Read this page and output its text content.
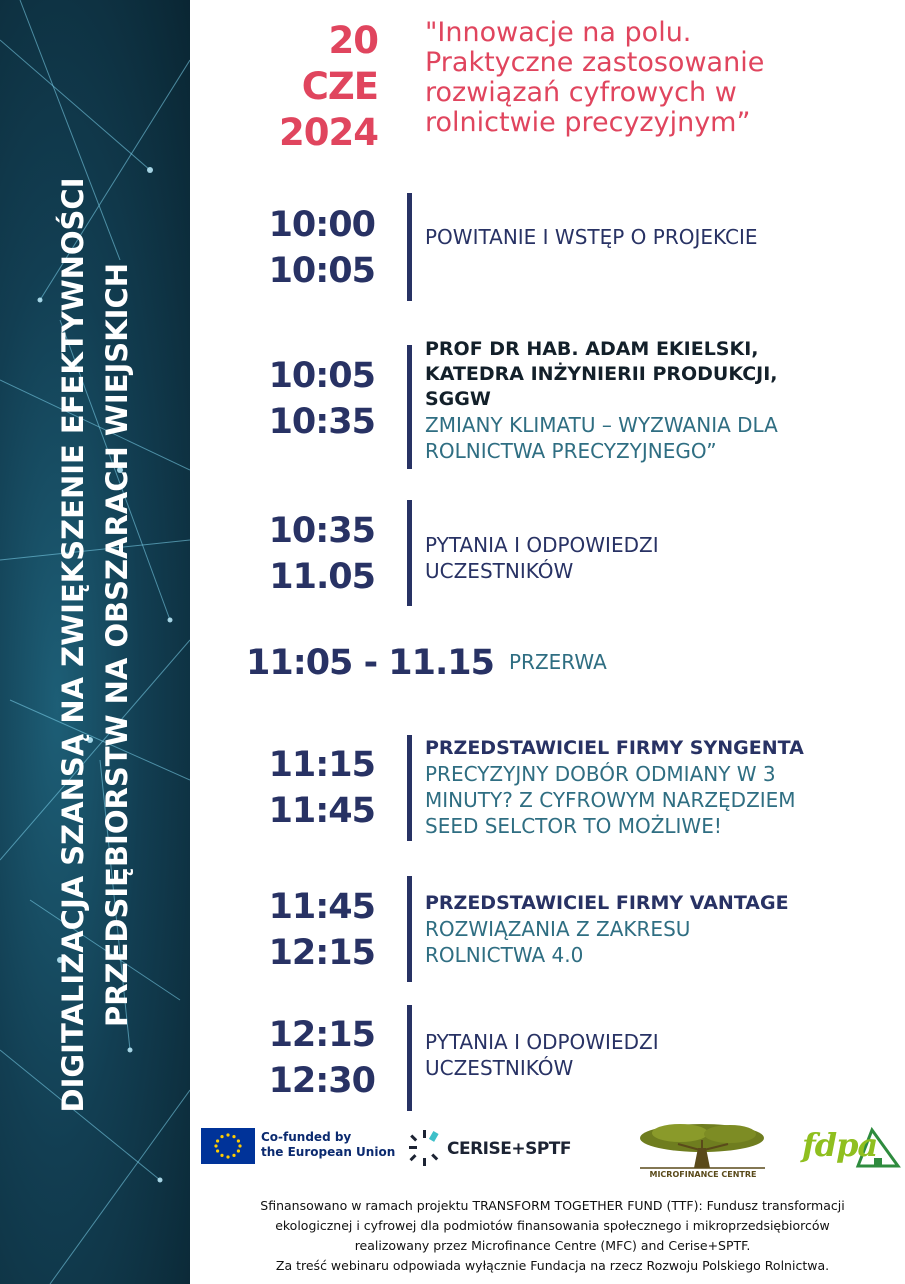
DIGITALIZACJA SZANSĄ NA ZWIĘKSZENIE EFEKTYWNOŚCI PRZEDSIĘBIORSTW NA OBSZARACH WIEJSKICH
20
CZE
2024
"Innowacje na polu.
Praktyczne zastosowanie
rozwiązań cyfrowych w
rolnictwie precyzyjnym”
10:00
10:05
POWITANIE I WSTĘP O PROJEKCIE
10:05
10:35
PROF DR HAB. ADAM EKIELSKI,
KATEDRA INŻYNIERII PRODUKCJI,
SGGW
ZMIANY KLIMATU – WYZWANIA DLA
ROLNICTWA PRECYZYJNEGO”
10:35
11.05
PYTANIA I ODPOWIEDZI
UCZESTNIKÓW
11:05 - 11.15 PRZERWA
11:15
11:45
PRZEDSTAWICIEL FIRMY SYNGENTA
PRECYZYJNY DOBÓR ODMIANY W 3
MINUTY? Z CYFROWYM NARZĘDZIEM
SEED SELCTOR TO MOŻLIWE!
11:45
12:15
PRZEDSTAWICIEL FIRMY VANTAGE
ROZWIĄZANIA Z ZAKRESU
ROLNICTWA 4.0
12:15
12:30
PYTANIA I ODPOWIEDZI
UCZESTNIKÓW
Co-funded by
the European Union	CERISE+SPTF
MICROFINANCE CENTRE
fdpa
Sfinansowano w ramach projektu TRANSFORM TOGETHER FUND (TTF): Fundusz transformacji
ekologicznej i cyfrowej dla podmiotów finansowania społecznego i mikroprzedsiębiorców
realizowany przez Microfinance Centre (MFC) and Cerise+SPTF.
Za treść webinaru odpowiada wyłącznie Fundacja na rzecz Rozwoju Polskiego Rolnictwa.
